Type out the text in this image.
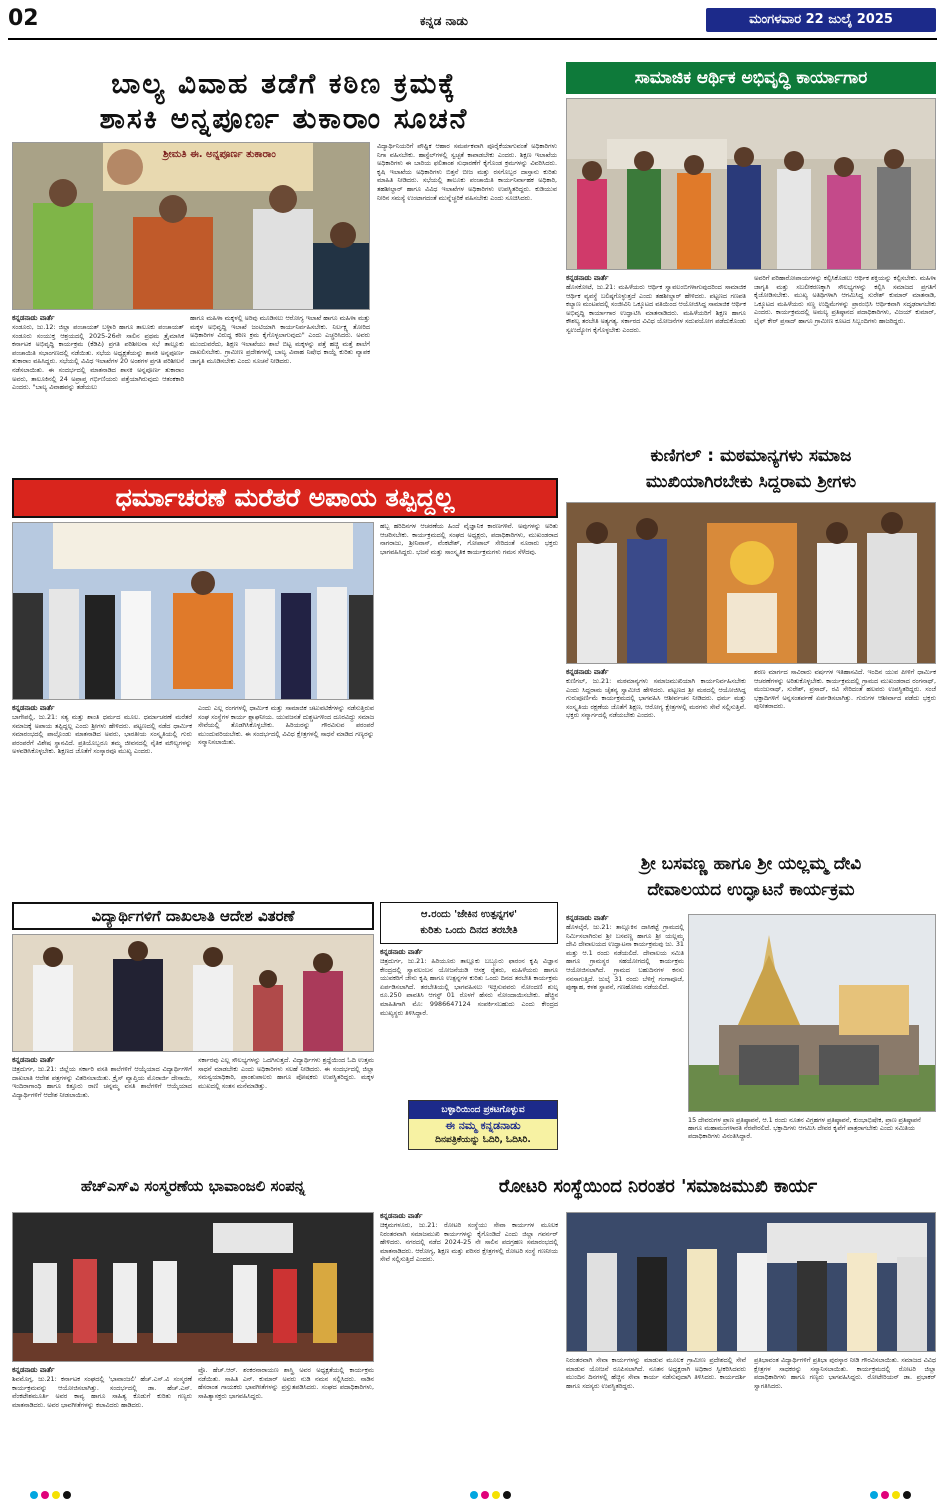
02	ಕನ್ನಡ ನಾಡು	ಮಂಗಳವಾರ 22 ಜುಲೈ 2025
ಬಾಲ್ಯ ವಿವಾಹ ತಡೆಗೆ ಕಠಿಣ ಕ್ರಮಕ್ಕೆ
ಶಾಸಕಿ ಅನ್ನಪೂರ್ಣ ತುಕಾರಾಂ ಸೂಚನೆ
ಶ್ರೀಮತಿ ಈ. ಅನ್ನಪೂರ್ಣ ತುಕಾರಾಂ
ಕನ್ನಡನಾಡು ವಾರ್ತೆ
ಸಂಡೂರು, ಜು.12: ಜಿಲ್ಲಾ ಪಂಚಾಯತ್ ಬಳ್ಳಾರಿ ಹಾಗೂ ತಾಲೂಕು ಪಂಚಾಯತ್ ಸಂಡೂರು ಸಂಯುಕ್ತ ಆಶ್ರಯದಲ್ಲಿ 2025-26ನೇ ಸಾಲಿನ ಪ್ರಥಮ ತ್ರೈಮಾಸಿಕ ಕರ್ನಾಟಕ ಅಭಿವೃದ್ಧಿ ಕಾರ್ಯಕ್ರಮ (ಕೆಡಿಪಿ) ಪ್ರಗತಿ ಪರಿಶೀಲನಾ ಸಭೆ ತಾಲ್ಲೂಕು ಪಂಚಾಯಿತಿ ಸಭಾಂಗಣದಲ್ಲಿ ನಡೆಯಿತು. ಸಭೆಯ ಅಧ್ಯಕ್ಷತೆಯನ್ನು ಶಾಸಕಿ ಅನ್ನಪೂರ್ಣ ತುಕಾರಾಂ ವಹಿಸಿದ್ದರು. ಸಭೆಯಲ್ಲಿ ವಿವಿಧ ಇಲಾಖೆಗಳ 20 ಅಂಶಗಳ ಪ್ರಗತಿ ಪರಿಶೀಲನೆ ನಡೆಸಲಾಯಿತು. ಈ ಸಂದರ್ಭದಲ್ಲಿ ಮಾತನಾಡಿದ ಶಾಸಕಿ ಅನ್ನಪೂರ್ಣ ತುಕಾರಾಂ ಅವರು, ತಾಲೂಕಿನಲ್ಲಿ 24 ಅಪ್ರಾಪ್ತ ಗರ್ಭಿಣಿಯರು ಪತ್ತೆಯಾಗಿರುವುದು ಆತಂಕಕಾರಿ ಎಂದರು. "ಬಾಲ್ಯ ವಿವಾಹವನ್ನು ತಡೆಯಲು
ಹಾಗೂ ಮಹಿಳಾ ಮಕ್ಕಳಲ್ಲಿ ಅರಿವು ಮೂಡಿಸಲು ಆರೋಗ್ಯ ಇಲಾಖೆ ಹಾಗೂ ಮಹಿಳಾ ಮತ್ತು ಮಕ್ಕಳ ಅಭಿವೃದ್ಧಿ ಇಲಾಖೆ ಜಂಟಿಯಾಗಿ ಕಾರ್ಯನಿರ್ವಹಿಸಬೇಕು. ನಿರ್ಲಕ್ಷ್ಯ ತೋರಿದ ಅಧಿಕಾರಿಗಳ ವಿರುದ್ಧ ಕಠಿಣ ಕ್ರಮ ಕೈಗೊಳ್ಳಲಾಗುವುದು" ಎಂದು ಎಚ್ಚರಿಸಿದರು. ಅವರು ಮುಂದುವರೆದು, ಶಿಕ್ಷಣ ಇಲಾಖೆಯು ಶಾಲೆ ಬಿಟ್ಟ ಮಕ್ಕಳನ್ನು ಪತ್ತೆ ಹಚ್ಚಿ ಮತ್ತೆ ಶಾಲೆಗೆ ದಾಖಲಿಸಬೇಕು. ಗ್ರಾಮೀಣ ಪ್ರದೇಶಗಳಲ್ಲಿ ಬಾಲ್ಯ ವಿವಾಹ ನಿಷೇಧ ಕಾಯ್ದೆ ಕುರಿತು ವ್ಯಾಪಕ ಜಾಗೃತಿ ಮೂಡಿಸಬೇಕು ಎಂದು ಸೂಚನೆ ನೀಡಿದರು.
ವಿದ್ಯಾರ್ಥಿನಿಯರಿಗೆ ಪೌಷ್ಟಿಕ ಆಹಾರ ಸಮರ್ಪಕವಾಗಿ ಪೂರೈಕೆಯಾಗುವಂತೆ ಅಧಿಕಾರಿಗಳು ನಿಗಾ ವಹಿಸಬೇಕು. ಹಾಸ್ಟೆಲ್‌ಗಳಲ್ಲಿ ಸ್ವಚ್ಛತೆ ಕಾಪಾಡಬೇಕು ಎಂದರು. ಶಿಕ್ಷಣ ಇಲಾಖೆಯ ಅಧಿಕಾರಿಗಳು ಈ ಬಾರಿಯ ಫಲಿತಾಂಶ ಸುಧಾರಣೆಗೆ ಕೈಗೊಂಡ ಕ್ರಮಗಳನ್ನು ವಿವರಿಸಿದರು. ಕೃಷಿ ಇಲಾಖೆಯ ಅಧಿಕಾರಿಗಳು ಬಿತ್ತನೆ ಬೀಜ ಮತ್ತು ರಸಗೊಬ್ಬರ ದಾಸ್ತಾನು ಕುರಿತು ಮಾಹಿತಿ ನೀಡಿದರು. ಸಭೆಯಲ್ಲಿ ತಾಲೂಕು ಪಂಚಾಯಿತಿ ಕಾರ್ಯನಿರ್ವಾಹಕ ಅಧಿಕಾರಿ, ತಹಶೀಲ್ದಾರ್ ಹಾಗೂ ವಿವಿಧ ಇಲಾಖೆಗಳ ಅಧಿಕಾರಿಗಳು ಉಪಸ್ಥಿತರಿದ್ದರು. ಕುಡಿಯುವ ನೀರಿನ ಸಮಸ್ಯೆ ಉಂಟಾಗದಂತೆ ಮುನ್ನೆಚ್ಚರಿಕೆ ವಹಿಸಬೇಕು ಎಂದು ಸೂಚಿಸಿದರು.
ಸಾಮಾಜಿಕ ಆರ್ಥಿಕ ಅಭಿವೃದ್ಧಿ ಕಾರ್ಯಾಗಾರ
ಕನ್ನಡನಾಡು ವಾರ್ತೆ
ಹೊಸಕೋಟೆ, ಜು.21: ಮಹಿಳೆಯರು ಆರ್ಥಿಕ ಸ್ವಾವಲಂಬಿಗಳಾಗುವುದರಿಂದ ಸಾಮಾಜಿಕ ಆರ್ಥಿಕ ವ್ಯವಸ್ಥೆ ಬಲಿಷ್ಠಗೊಳ್ಳುತ್ತದೆ ಎಂದು ತಹಶೀಲ್ದಾರ್ ಹೇಳಿದರು. ಪಟ್ಟಣದ ಗಣಪತಿ ಕಲ್ಯಾಣ ಮಂಟಪದಲ್ಲಿ ಸಂಜೀವಿನಿ ಒಕ್ಕೂಟದ ವತಿಯಿಂದ ಆಯೋಜಿಸಿದ್ದ ಸಾಮಾಜಿಕ ಆರ್ಥಿಕ ಅಭಿವೃದ್ಧಿ ಕಾರ್ಯಾಗಾರ ಉದ್ಘಾಟಿಸಿ ಮಾತನಾಡಿದರು. ಮಹಿಳೆಯರಿಗೆ ಶಿಕ್ಷಣ ಹಾಗೂ ಕೌಶಲ್ಯ ತರಬೇತಿ ಅತ್ಯಗತ್ಯ. ಸರ್ಕಾರದ ವಿವಿಧ ಯೋಜನೆಗಳ ಸದುಪಯೋಗ ಪಡೆದುಕೊಂಡು ಸ್ವಉದ್ಯೋಗ ಕೈಗೊಳ್ಳಬೇಕು ಎಂದರು.
ಅವರಿಗೆ ಪರಿಹಾರೋಪಾಯಗಳನ್ನು ಕಲ್ಪಿಸಿಕೊಡಲು ಆರ್ಥಿಕ ಶಕ್ತಿಯನ್ನು ಕಲ್ಪಿಸಬೇಕು. ಮಹಿಳಾ ಜಾಗೃತಿ ಮತ್ತು ಸಬಲೀಕರಣಕ್ಕಾಗಿ ಸೌಲಭ್ಯಗಳನ್ನು ಕಲ್ಪಿಸಿ ಸಮಾಜದ ಪ್ರಗತಿಗೆ ಕೈಜೋಡಿಸಬೇಕು. ಮುಖ್ಯ ಅತಿಥಿಗಳಾಗಿ ಆಗಮಿಸಿದ್ದ ಸುರೇಶ್ ಕುಮಾರ್ ಮಾತನಾಡಿ, ಒಕ್ಕೂಟದ ಮಹಿಳೆಯರು ಸಣ್ಣ ಉದ್ದಿಮೆಗಳನ್ನು ಪ್ರಾರಂಭಿಸಿ ಆರ್ಥಿಕವಾಗಿ ಸದೃಢರಾಗಬೇಕು ಎಂದರು. ಕಾರ್ಯಕ್ರಮದಲ್ಲಿ ಅಮಲ್ಯ ಪ್ರತಿಷ್ಠಾನದ ಪದಾಧಿಕಾರಿಗಳು, ವಿಜಯ್ ಕುಮಾರ್, ಲೈಫ್ ಕೇರ್ ಪ್ರಸಾದ್ ಹಾಗೂ ಗ್ರಾಮೀಣ ಕೂಟದ ಸಿಬ್ಬಂದಿಗಳು ಹಾಜರಿದ್ದರು.
ಕುಣಿಗಲ್ : ಮಠಮಾನ್ಯಗಳು ಸಮಾಜ
ಮುಖಿಯಾಗಿರಬೇಕು ಸಿದ್ದರಾಮ ಶ್ರೀಗಳು
ಕನ್ನಡನಾಡು ವಾರ್ತೆ
ಕುಣಿಗಲ್, ಜು.21: ಮಠಮಾನ್ಯಗಳು ಸಮಾಜಮುಖಿಯಾಗಿ ಕಾರ್ಯನಿರ್ವಹಿಸಬೇಕು ಎಂದು ಸಿದ್ದರಾಮ ಚೈತನ್ಯ ಸ್ವಾಮೀಜಿ ಹೇಳಿದರು. ಪಟ್ಟಣದ ಶ್ರೀ ಮಠದಲ್ಲಿ ಆಯೋಜಿಸಿದ್ದ ಗುರುಪೂರ್ಣಿಮೆ ಕಾರ್ಯಕ್ರಮದಲ್ಲಿ ಭಾಗವಹಿಸಿ ಆಶೀರ್ವಚನ ನೀಡಿದರು. ಧರ್ಮ ಮತ್ತು ಸಂಸ್ಕೃತಿಯ ರಕ್ಷಣೆಯ ಜೊತೆಗೆ ಶಿಕ್ಷಣ, ಆರೋಗ್ಯ ಕ್ಷೇತ್ರಗಳಲ್ಲಿ ಮಠಗಳು ಸೇವೆ ಸಲ್ಲಿಸುತ್ತಿವೆ. ಭಕ್ತರು ಸನ್ಮಾರ್ಗದಲ್ಲಿ ನಡೆಯಬೇಕು ಎಂದರು.
ಶರಣ ಮಾರ್ಗದ ಸಾವಿರಾರು ವರ್ಷಗಳ ಇತಿಹಾಸವಿದೆ. ಇಂದಿನ ಯುವ ಪೀಳಿಗೆ ಧಾರ್ಮಿಕ ಆಚರಣೆಗಳನ್ನು ಅರಿತುಕೊಳ್ಳಬೇಕು. ಕಾರ್ಯಕ್ರಮದಲ್ಲಿ ಗ್ರಾಮದ ಮುಖಂಡರಾದ ರಂಗನಾಥ್, ಮಂಜುನಾಥ್, ಸುರೇಶ್, ಪ್ರಸಾದ್, ರವಿ ಸೇರಿದಂತೆ ಹಲವರು ಉಪಸ್ಥಿತರಿದ್ದರು. ಸಂಜೆ ಭಕ್ತಾದಿಗಳಿಗೆ ಅನ್ನಸಂತರ್ಪಣೆ ಏರ್ಪಡಿಸಲಾಗಿತ್ತು. ಗುರುಗಳ ಆಶೀರ್ವಾದ ಪಡೆದು ಭಕ್ತರು ಪುನೀತರಾದರು.
ಧರ್ಮಾಚರಣೆ ಮರೆತರೆ ಅಪಾಯ ತಪ್ಪಿದ್ದಲ್ಲ
ಕನ್ನಡನಾಡು ವಾರ್ತೆ
ಬಾಗೇಪಲ್ಲಿ, ಜು.21: ಸತ್ಯ ಮತ್ತು ಶಾಂತಿ ಧರ್ಮದ ಮೂಲ. ಧರ್ಮಾಚರಣೆ ಮರೆತರೆ ಸಮಾಜಕ್ಕೆ ಅಪಾಯ ತಪ್ಪಿದ್ದಲ್ಲ ಎಂದು ಶ್ರೀಗಳು ಹೇಳಿದರು. ಪಟ್ಟಣದಲ್ಲಿ ನಡೆದ ಧಾರ್ಮಿಕ ಸಮಾರಂಭದಲ್ಲಿ ಪಾಲ್ಗೊಂಡು ಮಾತನಾಡಿದ ಅವರು, ಭಾರತೀಯ ಸಂಸ್ಕೃತಿಯಲ್ಲಿ ಗುರು ಪರಂಪರೆಗೆ ವಿಶೇಷ ಸ್ಥಾನವಿದೆ. ಪ್ರತಿಯೊಬ್ಬರೂ ತಮ್ಮ ಜೀವನದಲ್ಲಿ ನೈತಿಕ ಮೌಲ್ಯಗಳನ್ನು ಅಳವಡಿಸಿಕೊಳ್ಳಬೇಕು. ಶಿಕ್ಷಣದ ಜೊತೆಗೆ ಸಂಸ್ಕಾರವೂ ಮುಖ್ಯ ಎಂದರು.
ಎಂದು ಎಲ್ಲ ರಂಗಗಳಲ್ಲಿ ಧಾರ್ಮಿಕ ಮತ್ತು ಸಾಮಾಜಿಕ ಚಟುವಟಿಕೆಗಳನ್ನು ನಡೆಸುತ್ತಿರುವ ಸಂಘ ಸಂಸ್ಥೆಗಳ ಕಾರ್ಯ ಶ್ಲಾಘನೀಯ. ಯುವಜನತೆ ದುಶ್ಚಟಗಳಿಂದ ದೂರವಿದ್ದು ಸಮಾಜ ಸೇವೆಯಲ್ಲಿ ತೊಡಗಿಸಿಕೊಳ್ಳಬೇಕು. ಹಿರಿಯರನ್ನು ಗೌರವಿಸುವ ಪರಂಪರೆ ಮುಂದುವರಿಯಬೇಕು. ಈ ಸಂದರ್ಭದಲ್ಲಿ ವಿವಿಧ ಕ್ಷೇತ್ರಗಳಲ್ಲಿ ಸಾಧನೆ ಮಾಡಿದ ಗಣ್ಯರನ್ನು ಸನ್ಮಾನಿಸಲಾಯಿತು.
ಹಬ್ಬ ಹರಿದಿನಗಳ ಆಚರಣೆಯ ಹಿಂದೆ ವೈಜ್ಞಾನಿಕ ಕಾರಣಗಳಿವೆ. ಅವುಗಳನ್ನು ಅರಿತು ಆಚರಿಸಬೇಕು. ಕಾರ್ಯಕ್ರಮದಲ್ಲಿ ಸಂಘದ ಅಧ್ಯಕ್ಷರು, ಪದಾಧಿಕಾರಿಗಳು, ಮುಖಂಡರಾದ ನಾಗರಾಜು, ಶ್ರೀನಿವಾಸ್, ವೆಂಕಟೇಶ್, ಗೋಪಾಲ್ ಸೇರಿದಂತೆ ನೂರಾರು ಭಕ್ತರು ಭಾಗವಹಿಸಿದ್ದರು. ಭಜನೆ ಮತ್ತು ಸಾಂಸ್ಕೃತಿಕ ಕಾರ್ಯಕ್ರಮಗಳು ಗಮನ ಸೆಳೆದವು.
ಶ್ರೀ ಬಸವಣ್ಣ ಹಾಗೂ ಶ್ರೀ ಯಲ್ಲಮ್ಮ ದೇವಿ
ದೇವಾಲಯದ ಉದ್ಘಾಟನೆ ಕಾರ್ಯಕ್ರಮ
ಕನ್ನಡನಾಡು ವಾರ್ತೆ
ಹೊಳಲ್ಕೆರೆ, ಜು.21: ತಾಲ್ಲೂಕಿನ ದಾಸಿಕಟ್ಟೆ ಗ್ರಾಮದಲ್ಲಿ ನಿರ್ಮಿಸಲಾಗಿರುವ ಶ್ರೀ ಬಸವಣ್ಣ ಹಾಗೂ ಶ್ರೀ ಯಲ್ಲಮ್ಮ ದೇವಿ ದೇವಾಲಯದ ಉದ್ಘಾಟನಾ ಕಾರ್ಯಕ್ರಮವು ಜು. 31 ಮತ್ತು ಆ.1 ರಂದು ನಡೆಯಲಿದೆ. ದೇವಾಲಯ ಸಮಿತಿ ಹಾಗೂ ಗ್ರಾಮಸ್ಥರ ಸಹಯೋಗದಲ್ಲಿ ಕಾರ್ಯಕ್ರಮ ಆಯೋಜಿಸಲಾಗಿದೆ. ಗ್ರಾಮದ ಬಹುದಿನಗಳ ಕನಸು ನನಸಾಗುತ್ತಿದೆ. ಜುಲೈ 31 ರಂದು ಬೆಳಿಗ್ಗೆ ಗಂಗಾಪೂಜೆ, ಪುಣ್ಯಾಹ, ಕಳಶ ಸ್ಥಾಪನೆ, ಗಣಹೋಮ ನಡೆಯಲಿದೆ.
15 ದೇವರುಗಳ ಪ್ರಾಣ ಪ್ರತಿಷ್ಠಾಪನೆ, ಆ.1 ರಂದು ನೂತನ ವಿಗ್ರಹಗಳ ಪ್ರತಿಷ್ಠಾಪನೆ, ಕುಂಭಾಭಿಷೇಕ, ಪ್ರಾಣ ಪ್ರತಿಷ್ಠಾಪನೆ ಹಾಗೂ ಮಹಾಮಂಗಳಾರತಿ ನೆರವೇರಲಿದೆ. ಭಕ್ತಾದಿಗಳು ಆಗಮಿಸಿ ದೇವರ ಕೃಪೆಗೆ ಪಾತ್ರರಾಗಬೇಕು ಎಂದು ಸಮಿತಿಯ ಪದಾಧಿಕಾರಿಗಳು ವಿನಂತಿಸಿದ್ದಾರೆ.
ವಿದ್ಯಾರ್ಥಿಗಳಿಗೆ ದಾಖಲಾತಿ ಆದೇಶ ವಿತರಣೆ
ಕನ್ನಡನಾಡು ವಾರ್ತೆ
ಚಿತ್ರದುರ್ಗ, ಜು.21: ಜಿಲ್ಲೆಯ ಸರ್ಕಾರಿ ವಸತಿ ಶಾಲೆಗಳಿಗೆ ಆಯ್ಕೆಯಾದ ವಿದ್ಯಾರ್ಥಿಗಳಿಗೆ ದಾಖಲಾತಿ ಆದೇಶ ಪತ್ರಗಳನ್ನು ವಿತರಿಸಲಾಯಿತು. ಕ್ರೈಸ್ ವ್ಯಾಪ್ತಿಯ ಮೊರಾರ್ಜಿ ದೇಸಾಯಿ, ಇಂದಿರಾಗಾಂಧಿ ಹಾಗೂ ಕಿತ್ತೂರು ರಾಣಿ ಚನ್ನಮ್ಮ ವಸತಿ ಶಾಲೆಗಳಿಗೆ ಆಯ್ಕೆಯಾದ ವಿದ್ಯಾರ್ಥಿಗಳಿಗೆ ಆದೇಶ ನೀಡಲಾಯಿತು.
ಸರ್ಕಾರವು ಎಲ್ಲ ಸೌಲಭ್ಯಗಳನ್ನು ಒದಗಿಸುತ್ತದೆ. ವಿದ್ಯಾರ್ಥಿಗಳು ಶ್ರದ್ಧೆಯಿಂದ ಓದಿ ಉತ್ತಮ ಸಾಧನೆ ಮಾಡಬೇಕು ಎಂದು ಅಧಿಕಾರಿಗಳು ಸಲಹೆ ನೀಡಿದರು. ಈ ಸಂದರ್ಭದಲ್ಲಿ ಜಿಲ್ಲಾ ಸಮನ್ವಯಾಧಿಕಾರಿ, ಪ್ರಾಂಶುಪಾಲರು ಹಾಗೂ ಪೋಷಕರು ಉಪಸ್ಥಿತರಿದ್ದರು. ಮಕ್ಕಳ ಮುಖದಲ್ಲಿ ಸಂತಸ ಮನೆಮಾಡಿತ್ತು.
ಆ.ರಂದು 'ಜೇಕಿನ ಉತ್ಪನ್ನಗಳ'
ಕುರಿತು ಒಂದು ದಿನದ ತರಬೇತಿ
ಕನ್ನಡನಾಡು ವಾರ್ತೆ
ಚಿತ್ರದುರ್ಗ, ಜು.21: ಹಿರಿಯೂರು ತಾಲ್ಲೂಕು ಬಬ್ಬೂರು ಫಾರಂನ ಕೃಷಿ ವಿಜ್ಞಾನ ಕೇಂದ್ರದಲ್ಲಿ ಸ್ವಾವಲಂಬನ ಯೋಜನೆಯಡಿ ಆಸಕ್ತ ರೈತರು, ಮಹಿಳೆಯರು ಹಾಗೂ ಯುವಕರಿಗೆ ಜೇನು ಕೃಷಿ ಹಾಗೂ ಉತ್ಪನ್ನಗಳ ಕುರಿತು ಒಂದು ದಿನದ ತರಬೇತಿ ಕಾರ್ಯಕ್ರಮ ಏರ್ಪಡಿಸಲಾಗಿದೆ. ತರಬೇತಿಯಲ್ಲಿ ಭಾಗವಹಿಸಲು ಇಚ್ಛಿಸುವವರು ನೋಂದಣಿ ಶುಲ್ಕ ರೂ.250 ಪಾವತಿಸಿ ಆಗಸ್ಟ್ 01 ರೊಳಗೆ ಹೆಸರು ನೋಂದಾಯಿಸಬೇಕು. ಹೆಚ್ಚಿನ ಮಾಹಿತಿಗಾಗಿ ಮೊ: 9986647124 ಸಂಪರ್ಕಿಸಬಹುದು ಎಂದು ಕೇಂದ್ರದ ಮುಖ್ಯಸ್ಥರು ತಿಳಿಸಿದ್ದಾರೆ.
ಬಳ್ಳಾರಿಯಿಂದ ಪ್ರಕಟಗೊಳ್ಳುವ
ಈ ನಮ್ಮ ಕನ್ನಡನಾಡು
ದಿನಪತ್ರಿಕೆಯನ್ನು ಓದಿರಿ, ಓದಿಸಿರಿ.
ಹೆಚ್‌ಎಸ್‌ವಿ ಸಂಸ್ಮರಣೆಯ ಭಾವಾಂಜಲಿ ಸಂಪನ್ನ
ಕನ್ನಡನಾಡು ವಾರ್ತೆ
ಶಿವಮೊಗ್ಗ, ಜು.21: ಕರ್ನಾಟಕ ಸಂಘದಲ್ಲಿ 'ಭಾವಾಂಜಲಿ' ಹೆಚ್.ಎಸ್.ವಿ ಸಂಸ್ಮರಣೆ ಕಾರ್ಯಕ್ರಮವನ್ನು ಆಯೋಜಿಸಲಾಗಿತ್ತು. ಸಂದರ್ಭದಲ್ಲಿ ಡಾ. ಹೆಚ್.ಎಸ್. ವೆಂಕಟೇಶಮೂರ್ತಿ ಅವರ ಕಾವ್ಯ ಹಾಗೂ ಸಾಹಿತ್ಯ ಕೊಡುಗೆ ಕುರಿತು ಗಣ್ಯರು ಮಾತನಾಡಿದರು. ಅವರ ಭಾವಗೀತೆಗಳನ್ನು ಕಲಾವಿದರು ಹಾಡಿದರು.
ಪ್ರೊ. ಹೆಚ್.ಆರ್. ಶಂಕರನಾರಾಯಣ ಶಾಸ್ತ್ರಿ ಅವರ ಅಧ್ಯಕ್ಷತೆಯಲ್ಲಿ ಕಾರ್ಯಕ್ರಮ ನಡೆಯಿತು. ಸಾಹಿತಿ ಎನ್. ಕುಮಾರ್ ಅವರು ನುಡಿ ನಮನ ಸಲ್ಲಿಸಿದರು. ನಾಡಿನ ಹೆಸರಾಂತ ಗಾಯಕರು ಭಾವಗೀತೆಗಳನ್ನು ಪ್ರಸ್ತುತಪಡಿಸಿದರು. ಸಂಘದ ಪದಾಧಿಕಾರಿಗಳು, ಸಾಹಿತ್ಯಾಸಕ್ತರು ಭಾಗವಹಿಸಿದ್ದರು.
ರೋಟರಿ ಸಂಸ್ಥೆಯಿಂದ ನಿರಂತರ 'ಸಮಾಜಮುಖಿ ಕಾರ್ಯ
ಕನ್ನಡನಾಡು ವಾರ್ತೆ
ಚಿಕ್ಕಮಗಳೂರು, ಜು.21: ರೋಟರಿ ಸಂಸ್ಥೆಯು ಸೇವಾ ಕಾರ್ಯಗಳ ಮೂಲಕ ನಿರಂತರವಾಗಿ ಸಮಾಜಮುಖಿ ಕಾರ್ಯಗಳನ್ನು ಕೈಗೊಂಡಿದೆ ಎಂದು ಜಿಲ್ಲಾ ಗವರ್ನರ್ ಹೇಳಿದರು. ನಗರದಲ್ಲಿ ನಡೆದ 2024-25 ನೇ ಸಾಲಿನ ಪದಗ್ರಹಣ ಸಮಾರಂಭದಲ್ಲಿ ಮಾತನಾಡಿದರು. ಆರೋಗ್ಯ, ಶಿಕ್ಷಣ ಮತ್ತು ಪರಿಸರ ಕ್ಷೇತ್ರಗಳಲ್ಲಿ ರೋಟರಿ ಸಂಸ್ಥೆ ಗಣನೀಯ ಸೇವೆ ಸಲ್ಲಿಸುತ್ತಿದೆ ಎಂದರು.
ನಿರಂತರವಾಗಿ ಸೇವಾ ಕಾರ್ಯಗಳನ್ನು ಮಾಡುವ ಮೂಲಕ ಗ್ರಾಮೀಣ ಪ್ರದೇಶದಲ್ಲಿ ಸೇವೆ ಮಾಡುವ ಯೋಜನೆ ರೂಪಿಸಲಾಗಿದೆ. ನೂತನ ಅಧ್ಯಕ್ಷರಾಗಿ ಅಧಿಕಾರ ಸ್ವೀಕರಿಸಿದವರು ಮುಂದಿನ ದಿನಗಳಲ್ಲಿ ಹೆಚ್ಚಿನ ಸೇವಾ ಕಾರ್ಯ ನಡೆಸುವುದಾಗಿ ತಿಳಿಸಿದರು. ಕಾರ್ಯದರ್ಶಿ ಹಾಗೂ ಸದಸ್ಯರು ಉಪಸ್ಥಿತರಿದ್ದರು.
ಪ್ರತಿಭಾವಂತ ವಿದ್ಯಾರ್ಥಿಗಳಿಗೆ ಪ್ರತಿಭಾ ಪುರಸ್ಕಾರ ನೀಡಿ ಗೌರವಿಸಲಾಯಿತು. ಸಮಾಜದ ವಿವಿಧ ಕ್ಷೇತ್ರಗಳ ಸಾಧಕರನ್ನು ಸನ್ಮಾನಿಸಲಾಯಿತು. ಕಾರ್ಯಕ್ರಮದಲ್ಲಿ ರೋಟರಿ ಜಿಲ್ಲಾ ಪದಾಧಿಕಾರಿಗಳು ಹಾಗೂ ಗಣ್ಯರು ಭಾಗವಹಿಸಿದ್ದರು. ರೋಟೇರಿಯನ್ ಡಾ. ಪ್ರಭಾಕರ್ ಸ್ವಾಗತಿಸಿದರು.
